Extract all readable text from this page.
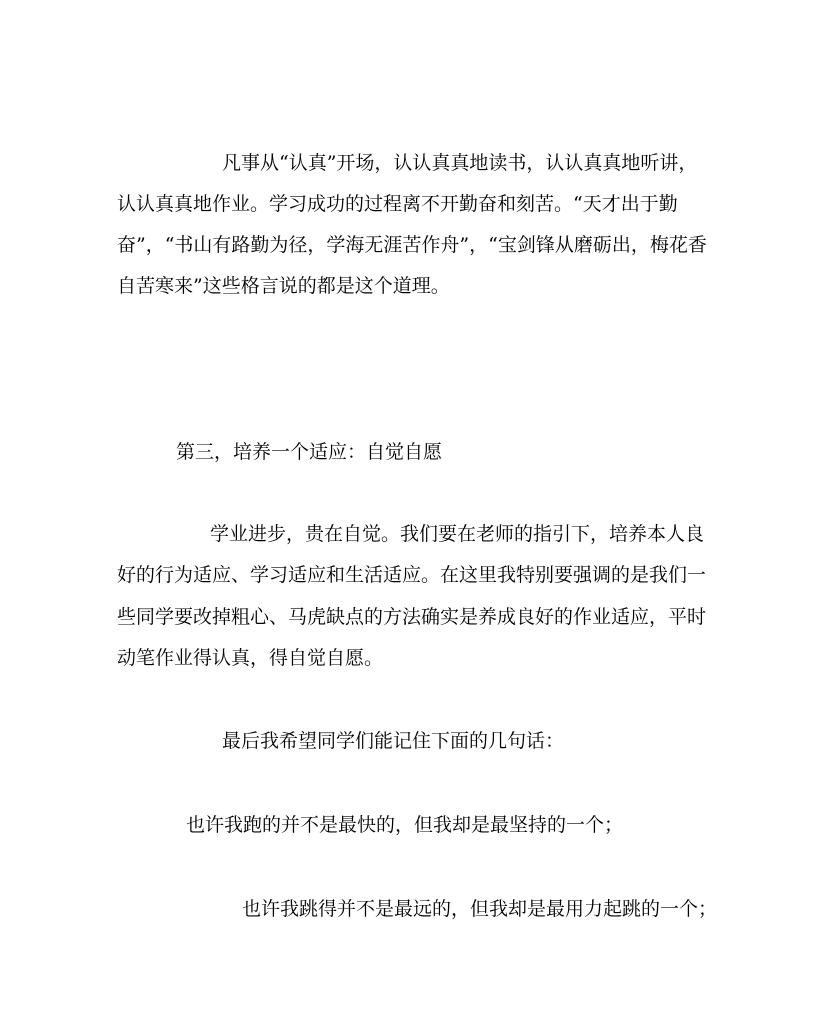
凡事从“认真”开场，认认真真地读书，认认真真地听讲，
认认真真地作业。学习成功的过程离不开勤奋和刻苦。“天才出于勤
奋”，“书山有路勤为径，学海无涯苦作舟”，“宝剑锋从磨砺出，梅花香
自苦寒来”这些格言说的都是这个道理。
第三，培养一个适应：自觉自愿
学业进步，贵在自觉。我们要在老师的指引下，培养本人良
好的行为适应、学习适应和生活适应。在这里我特别要强调的是我们一
些同学要改掉粗心、马虎缺点的方法确实是养成良好的作业适应，平时
动笔作业得认真，得自觉自愿。
最后我希望同学们能记住下面的几句话：
也许我跑的并不是最快的，但我却是最坚持的一个；
也许我跳得并不是最远的，但我却是最用力起跳的一个；
